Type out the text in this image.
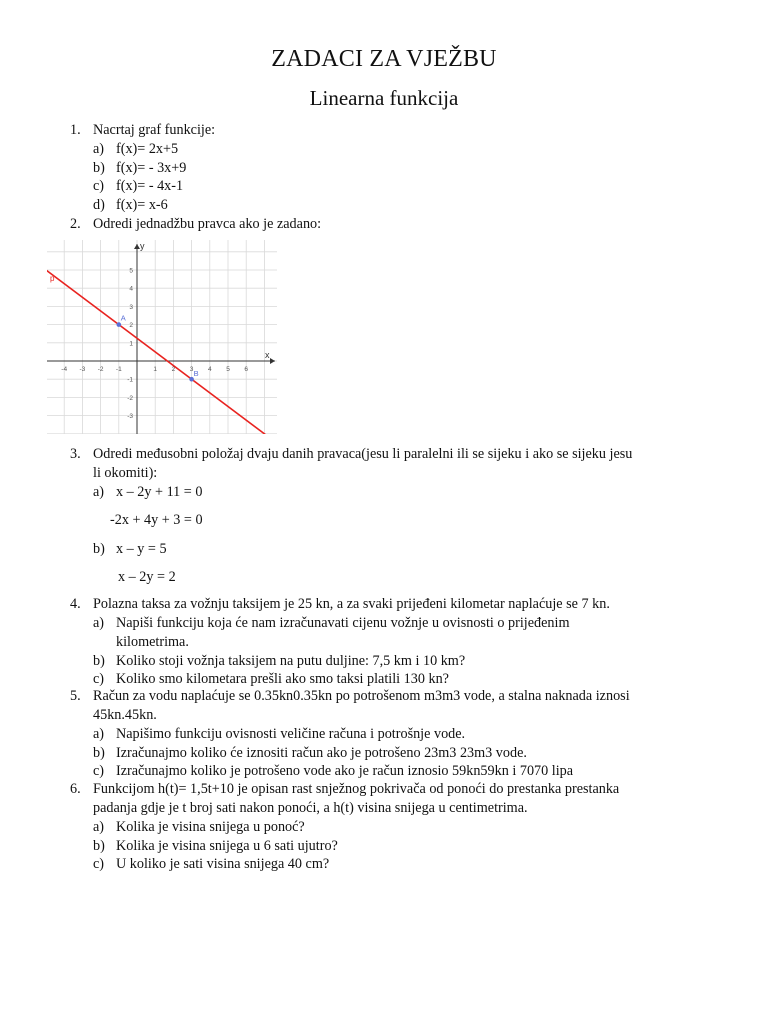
ZADACI ZA VJEŽBU
Linearna funkcija
1. Nacrtaj graf funkcije:
a) f(x)= 2x+5
b) f(x)= - 3x+9
c) f(x)= - 4x-1
d) f(x)= x-6
2. Odredi jednadžbu pravca ako je zadano:
x
y
-4 -3 -2 -1	1 2 3 4 5 6
5
4
3
2
1
-1
-2
-3
p
A
B
3. Odredi međusobni položaj dvaju danih pravaca(jesu li paralelni ili se sijeku i ako se sijeku jesu
li okomiti):
a) x – 2y + 11 = 0
-2x + 4y + 3 = 0
b) x – y = 5
x – 2y = 2
4. Polazna taksa za vožnju taksijem je 25 kn, a za svaki prijeđeni kilometar naplaćuje se 7 kn.
a) Napiši funkciju koja će nam izračunavati cijenu vožnje u ovisnosti o prijeđenim
kilometrima.
b) Koliko stoji vožnja taksijem na putu duljine: 7,5 km i 10 km?
c) Koliko smo kilometara prešli ako smo taksi platili 130 kn?
5. Račun za vodu naplaćuje se 0.35kn0.35kn po potrošenom m3m3 vode, a stalna naknada iznosi
45kn.45kn.
a) Napišimo funkciju ovisnosti veličine računa i potrošnje vode.
b) Izračunajmo koliko će iznositi račun ako je potrošeno 23m3 23m3 vode.
c) Izračunajmo koliko je potrošeno vode ako je račun iznosio 59kn59kn i 7070 lipa
6. Funkcijom h(t)= 1,5t+10 je opisan rast snježnog pokrivača od ponoći do prestanka prestanka
padanja gdje je t broj sati nakon ponoći, a h(t) visina snijega u centimetrima.
a) Kolika je visina snijega u ponoć?
b) Kolika je visina snijega u 6 sati ujutro?
c) U koliko je sati visina snijega 40 cm?
